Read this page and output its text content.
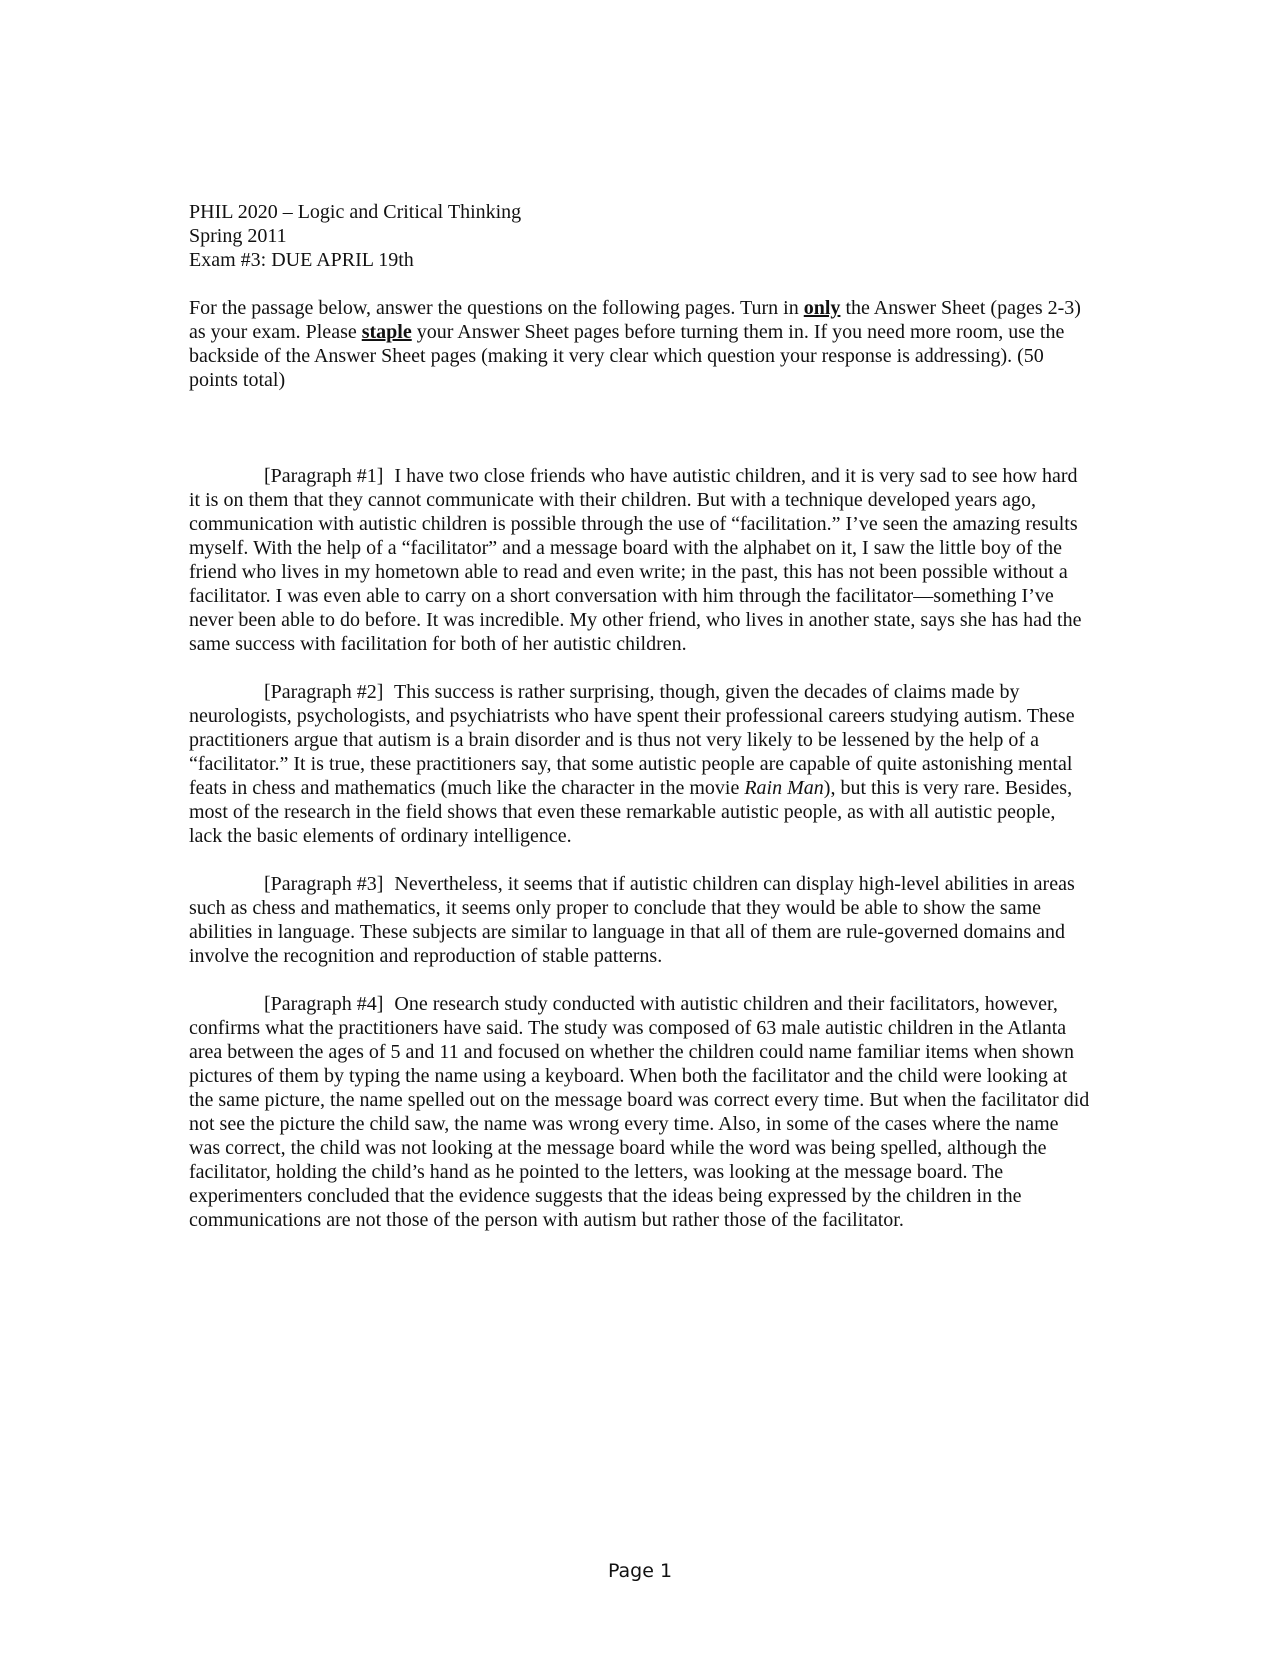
PHIL 2020 – Logic and Critical Thinking
Spring 2011
Exam #3: DUE APRIL 19th

For the passage below, answer the questions on the following pages. Turn in only the Answer Sheet (pages 2-3) as your exam. Please staple your Answer Sheet pages before turning them in. If you need more room, use the backside of the Answer Sheet pages (making it very clear which question your response is addressing). (50 points total)

[Paragraph #1] I have two close friends who have autistic children, and it is very sad to see how hard it is on them that they cannot communicate with their children. But with a technique developed years ago, communication with autistic children is possible through the use of “facilitation.” I’ve seen the amazing results myself. With the help of a “facilitator” and a message board with the alphabet on it, I saw the little boy of the friend who lives in my hometown able to read and even write; in the past, this has not been possible without a facilitator. I was even able to carry on a short conversation with him through the facilitator—something I’ve never been able to do before. It was incredible. My other friend, who lives in another state, says she has had the same success with facilitation for both of her autistic children.

[Paragraph #2] This success is rather surprising, though, given the decades of claims made by neurologists, psychologists, and psychiatrists who have spent their professional careers studying autism. These practitioners argue that autism is a brain disorder and is thus not very likely to be lessened by the help of a “facilitator.” It is true, these practitioners say, that some autistic people are capable of quite astonishing mental feats in chess and mathematics (much like the character in the movie Rain Man), but this is very rare. Besides, most of the research in the field shows that even these remarkable autistic people, as with all autistic people, lack the basic elements of ordinary intelligence.

[Paragraph #3] Nevertheless, it seems that if autistic children can display high-level abilities in areas such as chess and mathematics, it seems only proper to conclude that they would be able to show the same abilities in language. These subjects are similar to language in that all of them are rule-governed domains and involve the recognition and reproduction of stable patterns.

[Paragraph #4] One research study conducted with autistic children and their facilitators, however, confirms what the practitioners have said. The study was composed of 63 male autistic children in the Atlanta area between the ages of 5 and 11 and focused on whether the children could name familiar items when shown pictures of them by typing the name using a keyboard. When both the facilitator and the child were looking at the same picture, the name spelled out on the message board was correct every time. But when the facilitator did not see the picture the child saw, the name was wrong every time. Also, in some of the cases where the name was correct, the child was not looking at the message board while the word was being spelled, although the facilitator, holding the child’s hand as he pointed to the letters, was looking at the message board. The experimenters concluded that the evidence suggests that the ideas being expressed by the children in the communications are not those of the person with autism but rather those of the facilitator.

Page 1
